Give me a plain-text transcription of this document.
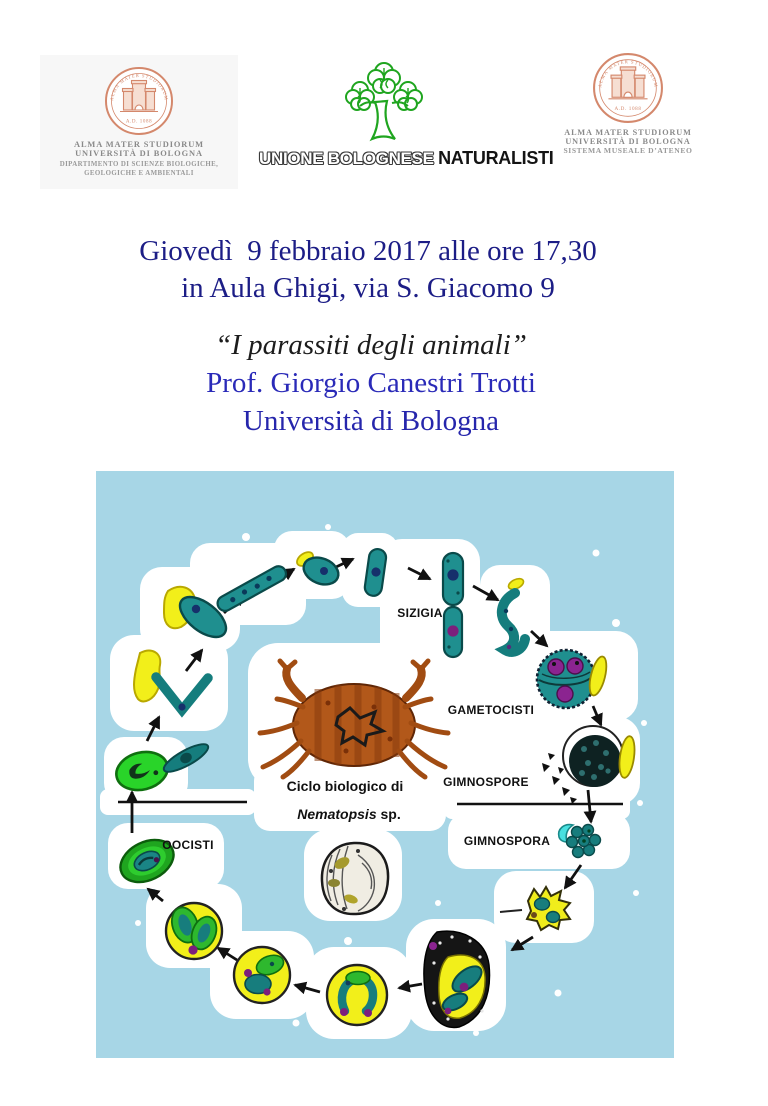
ALMA MATER STUDIORUM
A.D. 1088
ALMA MATER STUDIORUM
UNIVERSITÀ DI BOLOGNA
DIPARTIMENTO DI SCIENZE BIOLOGICHE,
GEOLOGICHE E AMBIENTALI
UNIONE BOLOGNESE NATURALISTI
ALMA MATER STUDIORUM
A.D. 1088
ALMA MATER STUDIORUM
UNIVERSITÀ DI BOLOGNA
SISTEMA MUSEALE D’ATENEO
Giovedì  9 febbraio 2017 alle ore 17,30
in Aula Ghigi, via S. Giacomo 9
“I parassiti degli animali”
Prof. Giorgio Canestri Trotti
Università di Bologna
SIZIGIA
GAMETOCISTI
GIMNOSPORE
GIMNOSPORA
OOCISTI
Ciclo biologico di
Nematopsis sp.
